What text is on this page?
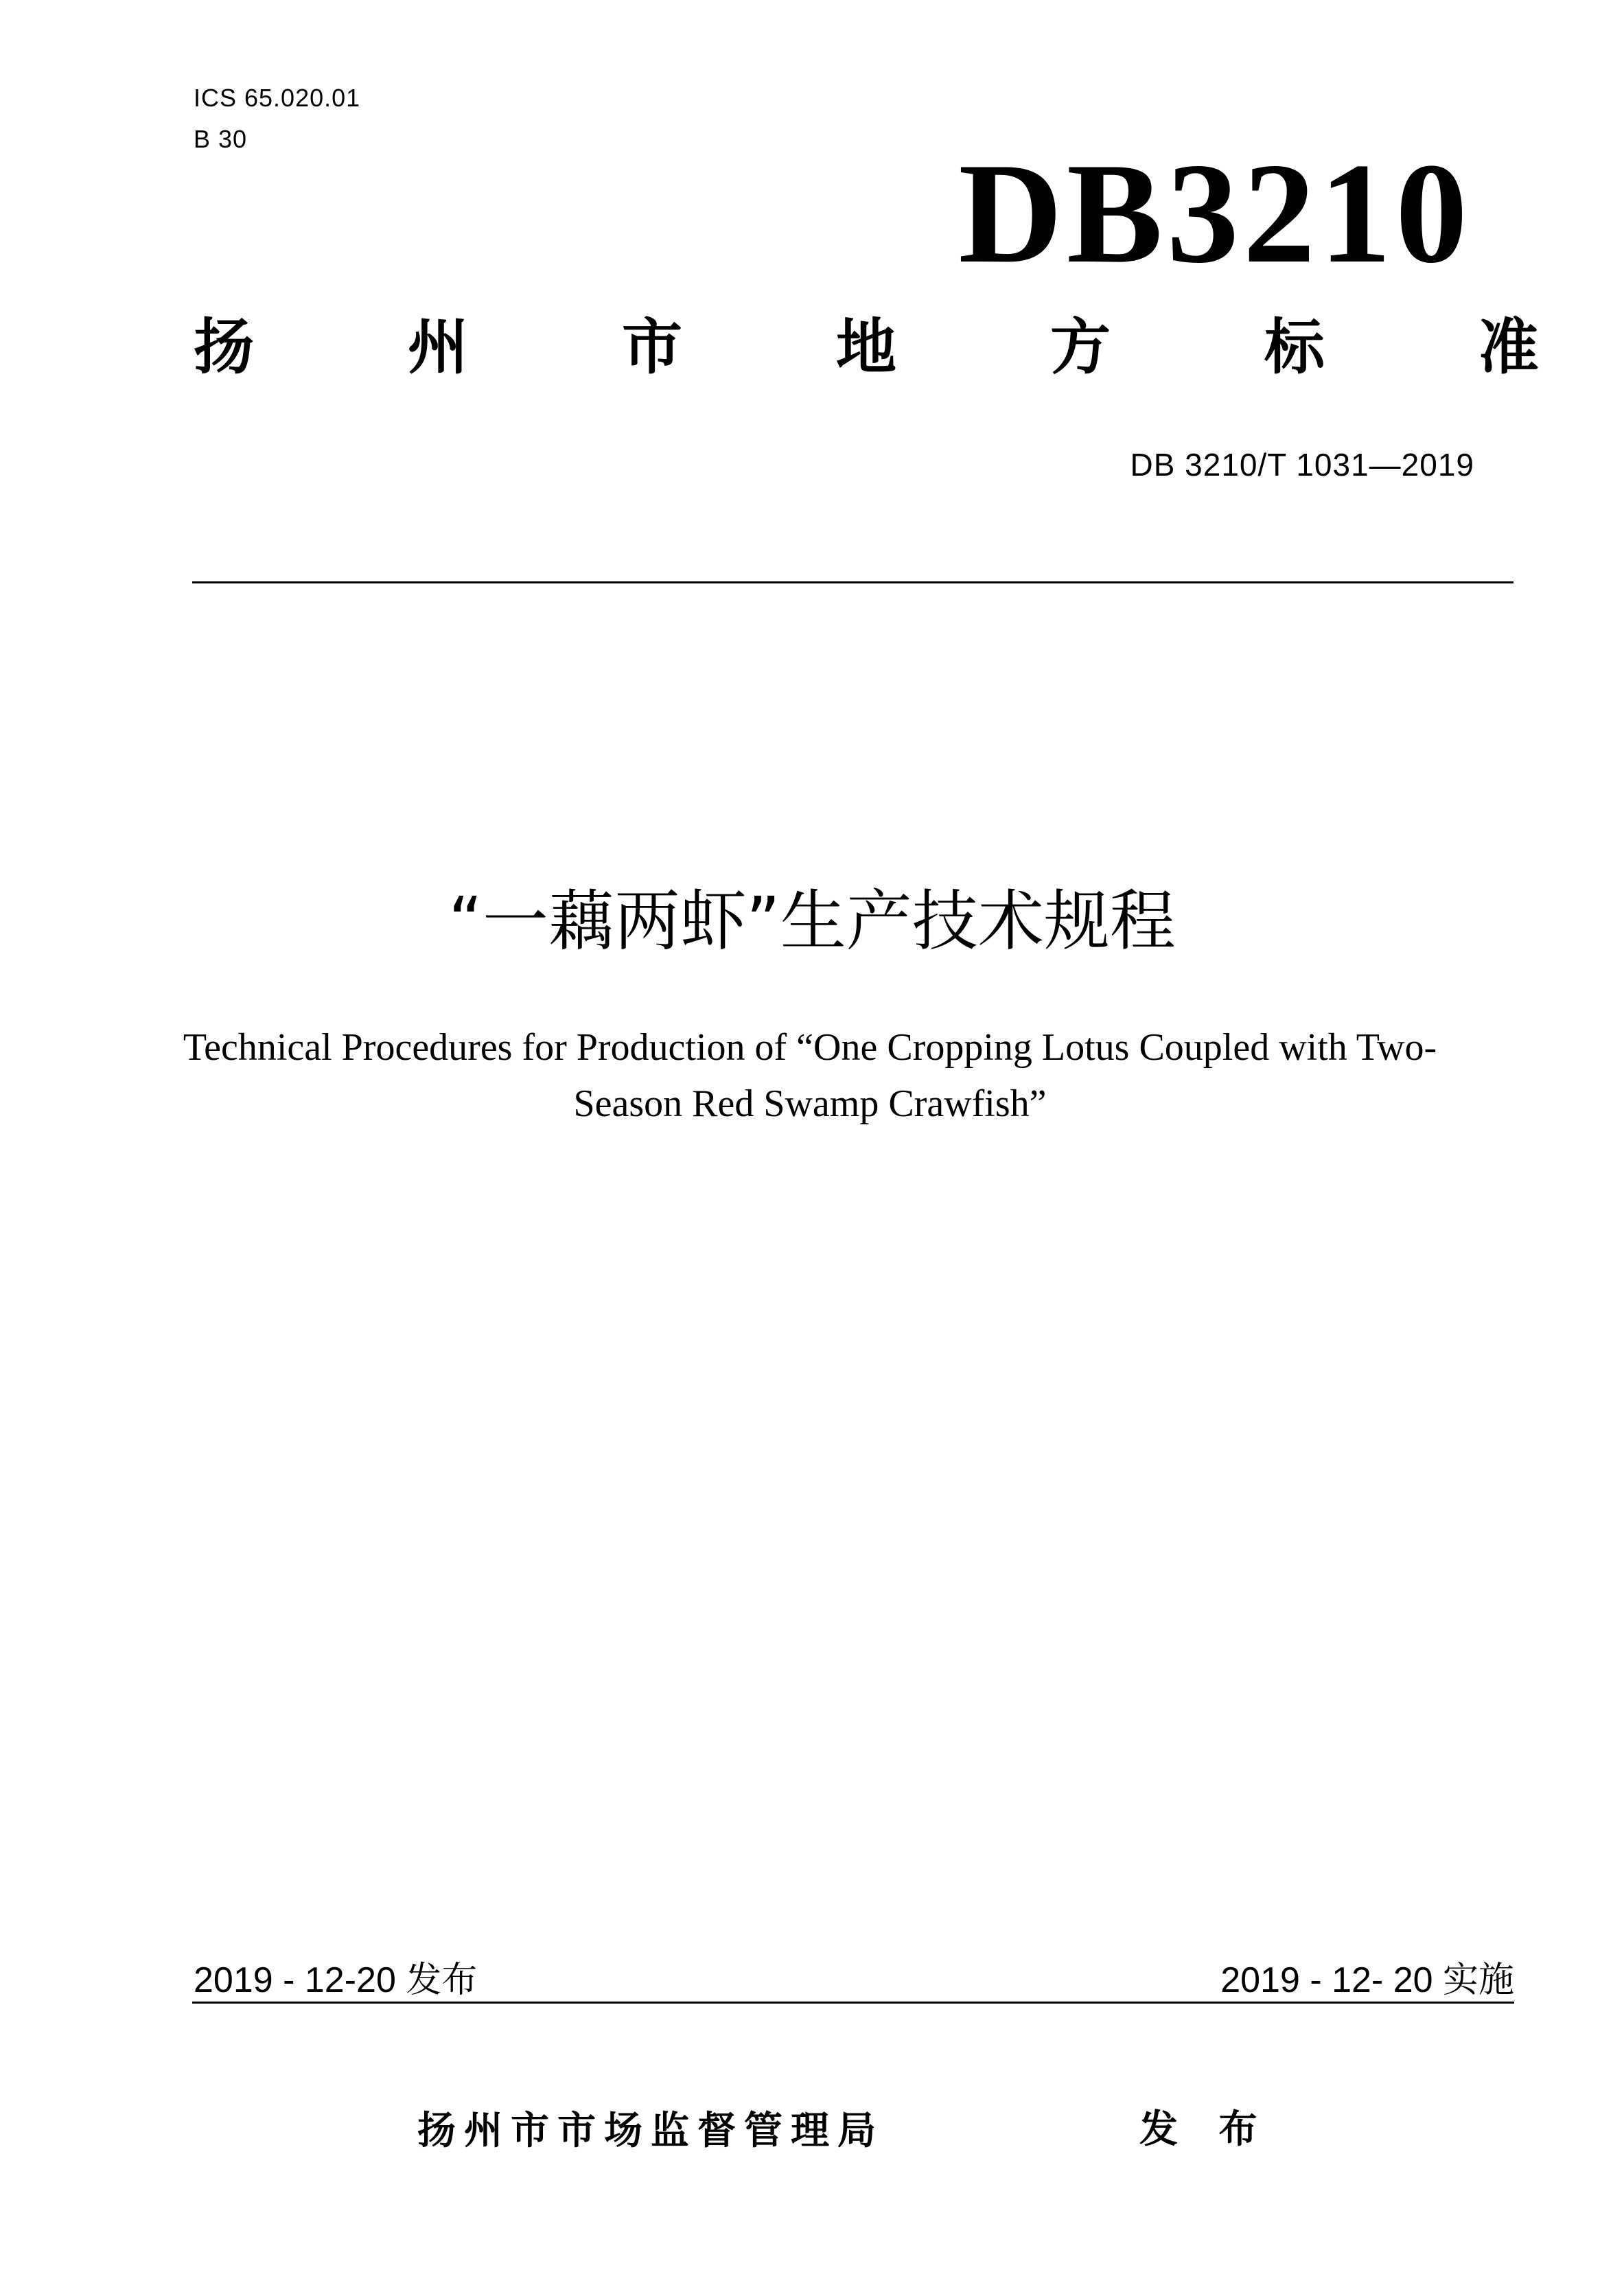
ICS 65.020.01
B 30	DB3210
扬	州	市	地	方	标	准
DB 3210/T 1031—2019
“一藕两虾”生产技术规程
Technical Procedures for Production of “One Cropping Lotus Coupled with Two-Season Red Swamp Crawfish”
2019 - 12-20 发布	2019 - 12- 20 实施
扬州市市场监督管理局	发 布
